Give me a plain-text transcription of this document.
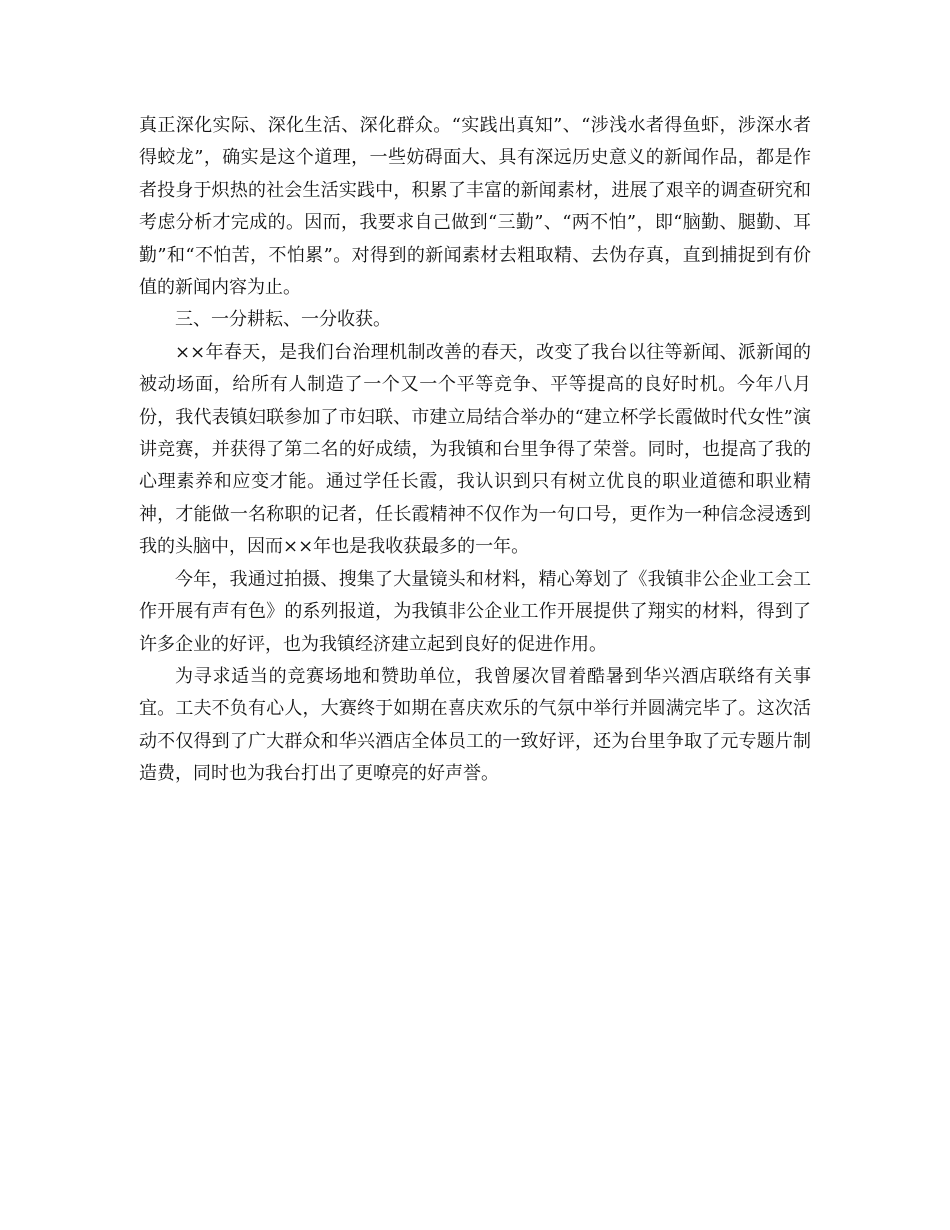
真正深化实际、深化生活、深化群众。“实践出真知”、“涉浅水者得鱼虾，涉深水者得蛟龙”，确实是这个道理，一些妨碍面大、具有深远历史意义的新闻作品，都是作者投身于炽热的社会生活实践中，积累了丰富的新闻素材，进展了艰辛的调查研究和考虑分析才完成的。因而，我要求自己做到“三勤”、“两不怕”，即“脑勤、腿勤、耳勤”和“不怕苦，不怕累”。对得到的新闻素材去粗取精、去伪存真，直到捕捉到有价值的新闻内容为止。

三、一分耕耘、一分收获。

××年春天，是我们台治理机制改善的春天，改变了我台以往等新闻、派新闻的被动场面，给所有人制造了一个又一个平等竞争、平等提高的良好时机。今年八月份，我代表镇妇联参加了市妇联、市建立局结合举办的“建立杯学长霞做时代女性”演讲竞赛，并获得了第二名的好成绩，为我镇和台里争得了荣誉。同时，也提高了我的心理素养和应变才能。通过学任长霞，我认识到只有树立优良的职业道德和职业精神，才能做一名称职的记者，任长霞精神不仅作为一句口号，更作为一种信念浸透到我的头脑中，因而××年也是我收获最多的一年。

今年，我通过拍摄、搜集了大量镜头和材料，精心筹划了《我镇非公企业工会工作开展有声有色》的系列报道，为我镇非公企业工作开展提供了翔实的材料，得到了许多企业的好评，也为我镇经济建立起到良好的促进作用。

为寻求适当的竞赛场地和赞助单位，我曾屡次冒着酷暑到华兴酒店联络有关事宜。工夫不负有心人，大赛终于如期在喜庆欢乐的气氛中举行并圆满完毕了。这次活动不仅得到了广大群众和华兴酒店全体员工的一致好评，还为台里争取了元专题片制造费，同时也为我台打出了更嘹亮的好声誉。
